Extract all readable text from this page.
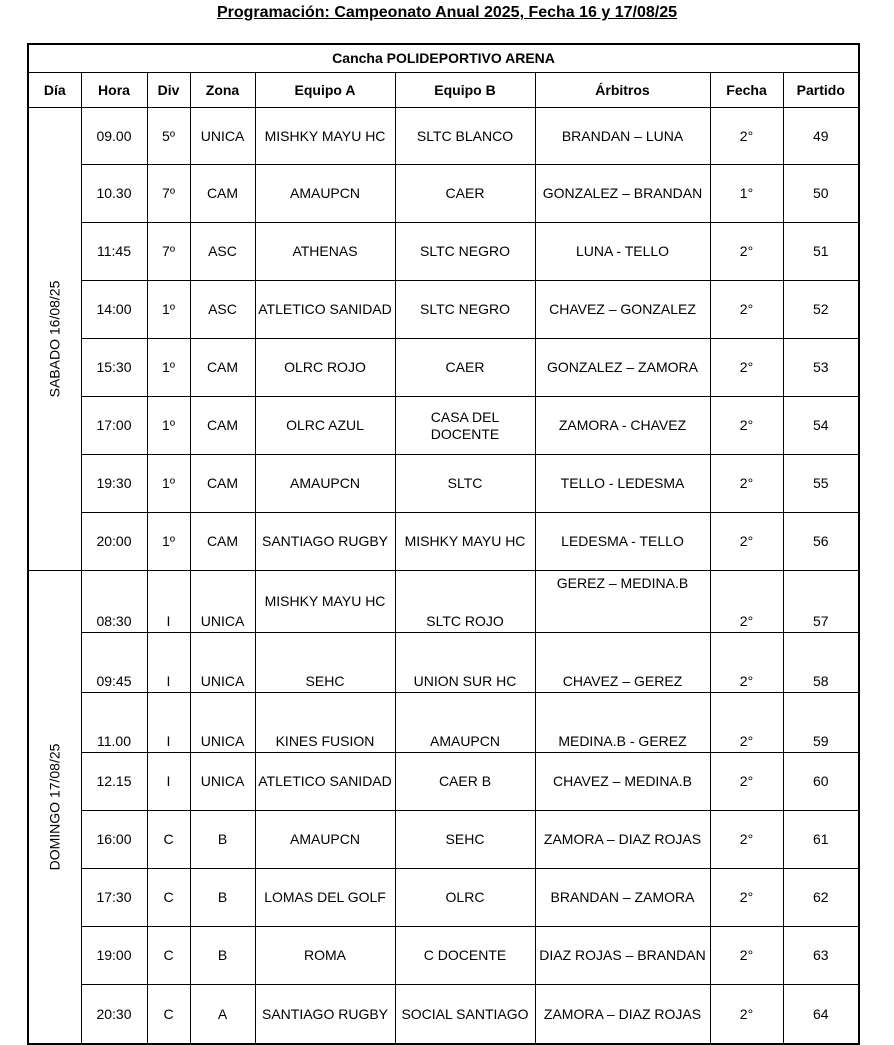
Programación: Campeonato Anual 2025, Fecha 16 y 17/08/25
Cancha POLIDEPORTIVO ARENA								
Día	Hora	Div	Zona	Equipo A	Equipo B	Árbitros	Fecha	Partido

SABADO 16/08/25	09.00	5º	UNICA	MISHKY MAYU HC	SLTC BLANCO	BRANDAN – LUNA	2°	49
	10.30	7º	CAM	AMAUPCN	CAER	GONZALEZ – BRANDAN	1°	50
	11:45	7º	ASC	ATHENAS	SLTC NEGRO	LUNA - TELLO	2°	51
	14:00	1º	ASC	ATLETICO SANIDAD	SLTC NEGRO	CHAVEZ – GONZALEZ	2°	52
	15:30	1º	CAM	OLRC ROJO	CAER	GONZALEZ – ZAMORA	2°	53
	17:00	1º	CAM	OLRC AZUL	CASA DEL DOCENTE	ZAMORA - CHAVEZ	2°	54
	19:30	1º	CAM	AMAUPCN	SLTC	TELLO - LEDESMA	2°	55
	20:00	1º	CAM	SANTIAGO RUGBY	MISHKY MAYU HC	LEDESMA - TELLO	2°	56

DOMINGO 17/08/25	08:30	I	UNICA	MISHKY MAYU HC	SLTC ROJO	GEREZ – MEDINA.B	2°	57
	09:45	I	UNICA	SEHC	UNION SUR HC	CHAVEZ – GEREZ	2°	58
	11.00	I	UNICA	KINES FUSION	AMAUPCN	MEDINA.B - GEREZ	2°	59
	12.15	I	UNICA	ATLETICO SANIDAD	CAER B	CHAVEZ – MEDINA.B	2°	60
	16:00	C	B	AMAUPCN	SEHC	ZAMORA – DIAZ ROJAS	2°	61
	17:30	C	B	LOMAS DEL GOLF	OLRC	BRANDAN – ZAMORA	2°	62
	19:00	C	B	ROMA	C DOCENTE	DIAZ ROJAS – BRANDAN	2°	63
	20:30	C	A	SANTIAGO RUGBY	SOCIAL SANTIAGO	ZAMORA – DIAZ ROJAS	2°	64
